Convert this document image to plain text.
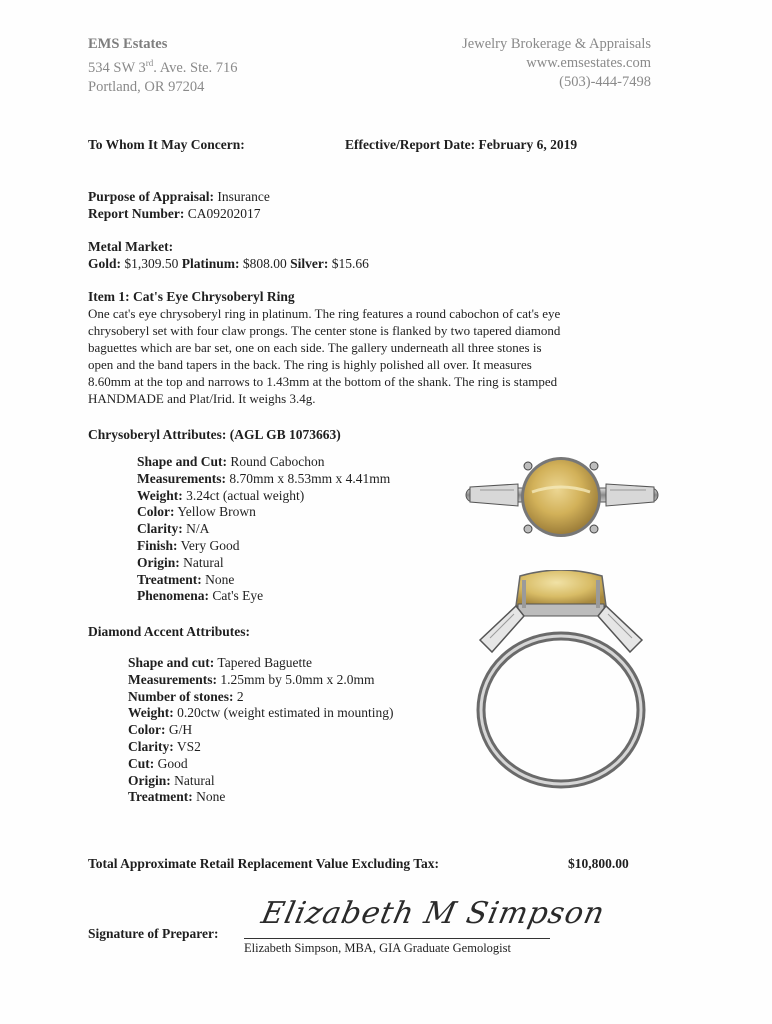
EMS Estates
534 SW 3rd. Ave. Ste. 716
Portland, OR 97204
Jewelry Brokerage & Appraisals
www.emsestates.com
(503)-444-7498
To Whom It May Concern:	Effective/Report Date: February 6, 2019
Purpose of Appraisal: Insurance
Report Number: CA09202017
Metal Market:
Gold: $1,309.50 Platinum: $808.00 Silver: $15.66
Item 1: Cat's Eye Chrysoberyl Ring
One cat's eye chrysoberyl ring in platinum. The ring features a round cabochon of cat's eye
chrysoberyl set with four claw prongs. The center stone is flanked by two tapered diamond
baguettes which are bar set, one on each side. The gallery underneath all three stones is
open and the band tapers in the back. The ring is highly polished all over. It measures
8.60mm at the top and narrows to 1.43mm at the bottom of the shank. The ring is stamped
HANDMADE and Plat/Irid. It weighs 3.4g.
Chrysoberyl Attributes: (AGL GB 1073663)
Shape and Cut: Round Cabochon
Measurements: 8.70mm x 8.53mm x 4.41mm
Weight: 3.24ct (actual weight)
Color: Yellow Brown
Clarity: N/A
Finish: Very Good
Origin: Natural
Treatment: None
Phenomena: Cat's Eye
Diamond Accent Attributes:
Shape and cut: Tapered Baguette
Measurements: 1.25mm by 5.0mm x 2.0mm
Number of stones: 2
Weight: 0.20ctw (weight estimated in mounting)
Color: G/H
Clarity: VS2
Cut: Good
Origin: Natural
Treatment: None
Total Approximate Retail Replacement Value Excluding Tax:	$10,800.00
Signature of Preparer:
Elizabeth M Simpson
Elizabeth Simpson, MBA, GIA Graduate Gemologist
